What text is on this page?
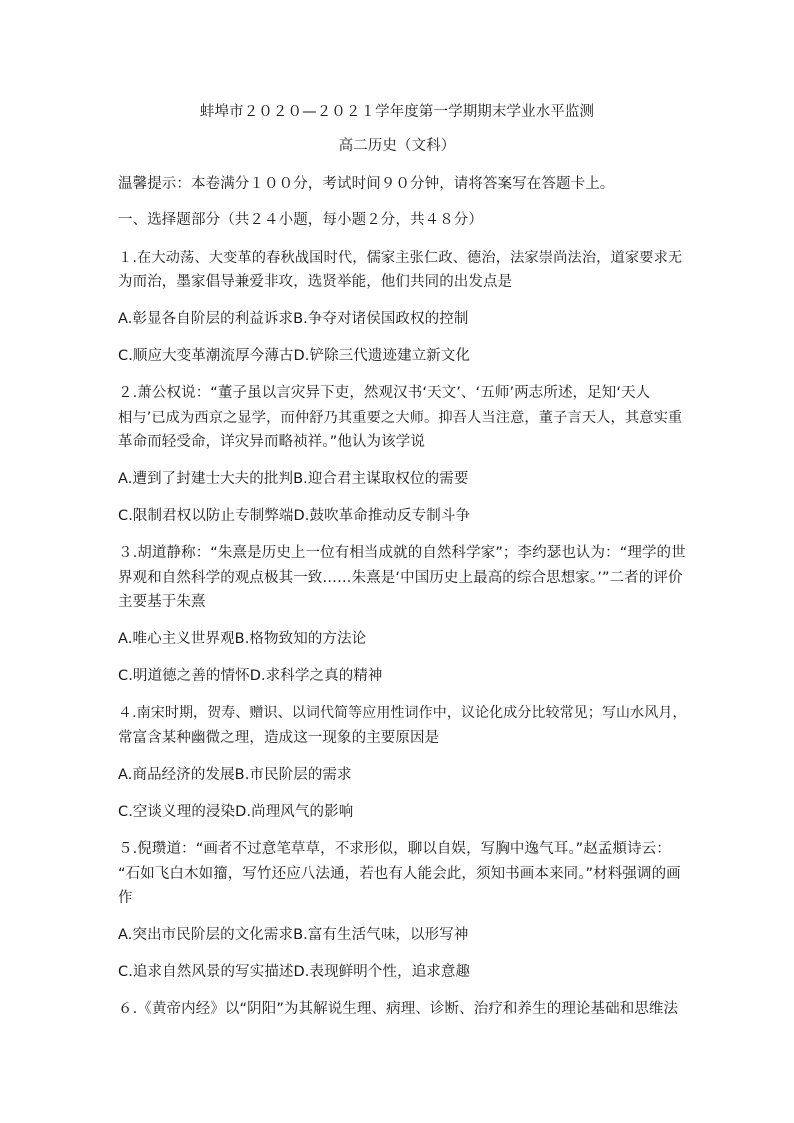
蚌埠市２０２０—２０２１学年度第一学期期末学业水平监测
高二历史（文科）
温馨提示：本卷满分１００分，考试时间９０分钟，请将答案写在答题卡上。
一、选择题部分（共２４小题，每小题２分，共４８分）
１.在大动荡、大变革的春秋战国时代，儒家主张仁政、德治，法家崇尚法治，道家要求无
为而治，墨家倡导兼爱非攻，选贤举能，他们共同的出发点是
A.彰显各自阶层的利益诉求B.争夺对诸侯国政权的控制
C.顺应大变革潮流厚今薄古D.铲除三代遗迹建立新文化
２.萧公权说：“董子虽以言灾异下吏，然观汉书‘天文’、‘五师’两志所述，足知‘天人
相与’已成为西京之显学，而仲舒乃其重要之大师。抑吾人当注意，董子言天人，其意实重
革命而轻受命，详灾异而略祯祥。”他认为该学说
A.遭到了封建士大夫的批判B.迎合君主谋取权位的需要
C.限制君权以防止专制弊端D.鼓吹革命推动反专制斗争
３.胡道静称：“朱熹是历史上一位有相当成就的自然科学家”；李约瑟也认为：“理学的世
界观和自然科学的观点极其一致……朱熹是‘中国历史上最高的综合思想家。’”二者的评价
主要基于朱熹
A.唯心主义世界观B.格物致知的方法论
C.明道德之善的情怀D.求科学之真的精神
４.南宋时期，贺寿、赠识、以词代简等应用性词作中，议论化成分比较常见；写山水风月，
常富含某种幽微之理，造成这一现象的主要原因是
A.商品经济的发展B.市民阶层的需求
C.空谈义理的浸染D.尚理风气的影响
５.倪瓒道：“画者不过意笔草草，不求形似，聊以自娱，写胸中逸气耳。”赵孟頫诗云：
“石如飞白木如籀，写竹还应八法通，若也有人能会此，须知书画本来同。”材料强调的画
作
A.突出市民阶层的文化需求B.富有生活气味，以形写神
C.追求自然风景的写实描述D.表现鲜明个性，追求意趣
６.《黄帝内经》以“阴阳”为其解说生理、病理、诊断、治疗和养生的理论基础和思维法
